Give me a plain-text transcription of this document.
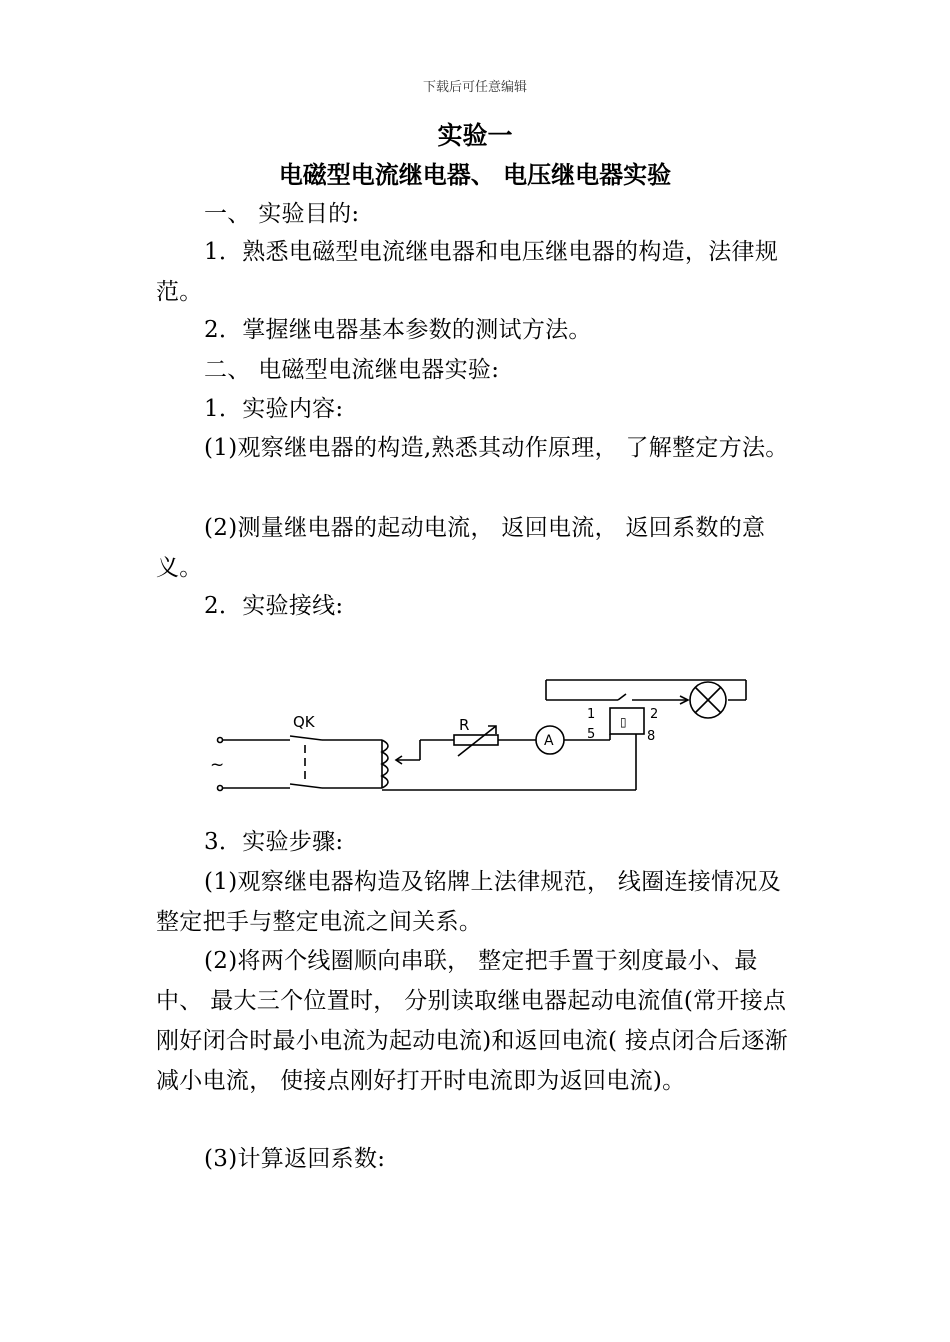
下载后可任意编辑
实验一
电磁型电流继电器、 电压继电器实验
一、 实验目的:
1．熟悉电磁型电流继电器和电压继电器的构造，法律规范。
2．掌握继电器基本参数的测试方法。
二、 电磁型电流继电器实验:
1．实验内容:
(1)观察继电器的构造,熟悉其动作原理， 了解整定方法。
(2)测量继电器的起动电流， 返回电流， 返回系数的意义。
2．实验接线:
QK	R
A
~
1	2
5	8
▯
3．实验步骤:
(1)观察继电器构造及铭牌上法律规范， 线圈连接情况及整定把手与整定电流之间关系。
(2)将两个线圈顺向串联， 整定把手置于刻度最小、最中、 最大三个位置时， 分别读取继电器起动电流值(常开接点刚好闭合时最小电流为起动电流)和返回电流( 接点闭合后逐渐减小电流， 使接点刚好打开时电流即为返回电流)。
(3)计算返回系数:
